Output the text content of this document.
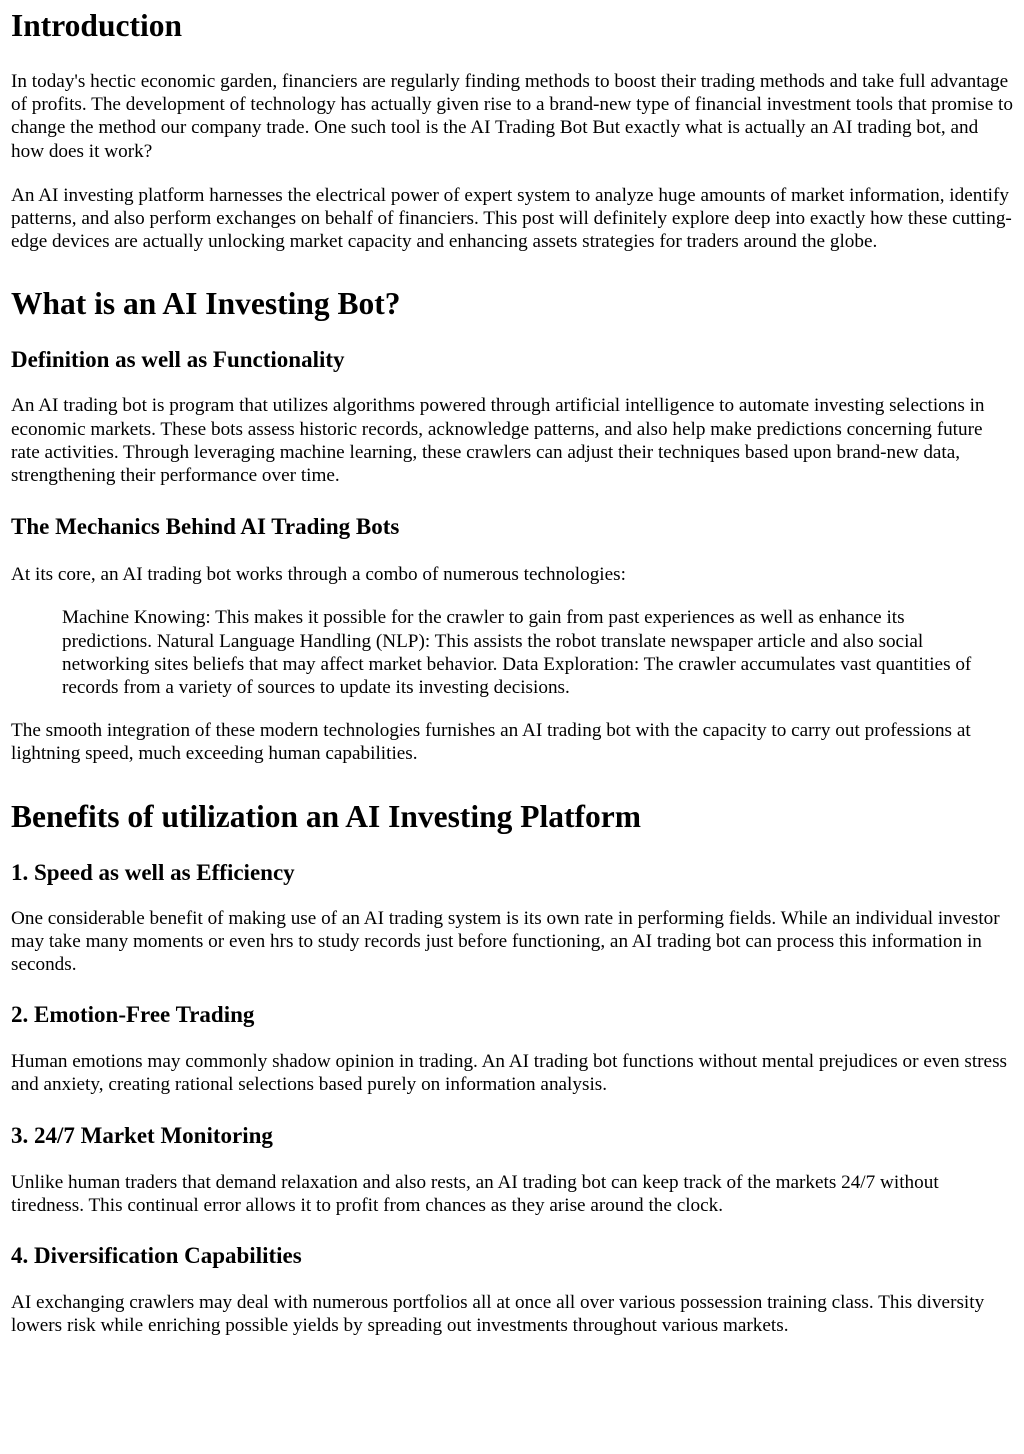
Introduction

In today's hectic economic garden, financiers are regularly finding methods to boost their trading methods and take full advantage of profits. The development of technology has actually given rise to a brand-new type of financial investment tools that promise to change the method our company trade. One such tool is the AI Trading Bot But exactly what is actually an AI trading bot, and how does it work?

An AI investing platform harnesses the electrical power of expert system to analyze huge amounts of market information, identify patterns, and also perform exchanges on behalf of financiers. This post will definitely explore deep into exactly how these cutting-edge devices are actually unlocking market capacity and enhancing assets strategies for traders around the globe.

What is an AI Investing Bot?
Definition as well as Functionality

An AI trading bot is program that utilizes algorithms powered through artificial intelligence to automate investing selections in economic markets. These bots assess historic records, acknowledge patterns, and also help make predictions concerning future rate activities. Through leveraging machine learning, these crawlers can adjust their techniques based upon brand-new data, strengthening their performance over time.

The Mechanics Behind AI Trading Bots

At its core, an AI trading bot works through a combo of numerous technologies:

Machine Knowing: This makes it possible for the crawler to gain from past experiences as well as enhance its predictions. Natural Language Handling (NLP): This assists the robot translate newspaper article and also social networking sites beliefs that may affect market behavior. Data Exploration: The crawler accumulates vast quantities of records from a variety of sources to update its investing decisions.

The smooth integration of these modern technologies furnishes an AI trading bot with the capacity to carry out professions at lightning speed, much exceeding human capabilities.

Benefits of utilization an AI Investing Platform
1. Speed as well as Efficiency

One considerable benefit of making use of an AI trading system is its own rate in performing fields. While an individual investor may take many moments or even hrs to study records just before functioning, an AI trading bot can process this information in seconds.

2. Emotion-Free Trading

Human emotions may commonly shadow opinion in trading. An AI trading bot functions without mental prejudices or even stress and anxiety, creating rational selections based purely on information analysis.

3. 24/7 Market Monitoring

Unlike human traders that demand relaxation and also rests, an AI trading bot can keep track of the markets 24/7 without tiredness. This continual error allows it to profit from chances as they arise around the clock.

4. Diversification Capabilities

AI exchanging crawlers may deal with numerous portfolios all at once all over various possession training class. This diversity lowers risk while enriching possible yields by spreading out investments throughout various markets.
